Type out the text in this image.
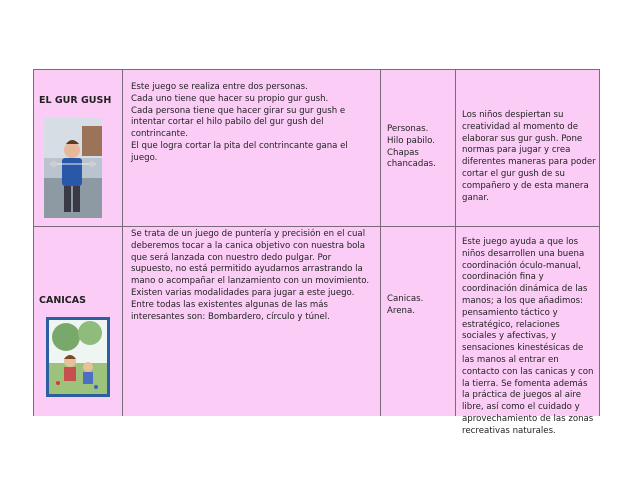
EL GUR GUSH

Este juego se realiza entre dos personas.

Cada uno tiene que hacer su propio gur gush.

Cada persona tiene que hacer girar su gur gush e intentar cortar el hilo pabilo del gur gush del contrincante.

El que logra cortar la pita del contrincante gana el juego.

Personas.

Hilo pabilo.

Chapas chancadas.

Los niños despiertan su creatividad al momento de elaborar sus gur gush. Pone normas para jugar y crea diferentes maneras para poder cortar el gur gush de su compañero y de esta manera ganar.
CANICAS

Se trata de un juego de puntería y precisión en el cual deberemos tocar a la canica objetivo con nuestra bola que será lanzada con nuestro dedo pulgar. Por supuesto, no está permitido ayudarnos arrastrando la mano o acompañar el lanzamiento con un movimiento.

Existen varias modalidades para jugar a este juego. Entre todas las existentes algunas de las más interesantes son: Bombardero, círculo y túnel.

Canicas.

Arena.

Este juego ayuda a que los niños desarrollen una buena coordinación óculo-manual, coordinación fina y coordinación dinámica de las manos; a los que añadimos: pensamiento táctico y estratégico, relaciones sociales y afectivas, y sensaciones kinestésicas de las manos al entrar en contacto con las canicas y con la tierra. Se fomenta además la práctica de juegos al aire libre, así como el cuidado y aprovechamiento de las zonas recreativas naturales.
